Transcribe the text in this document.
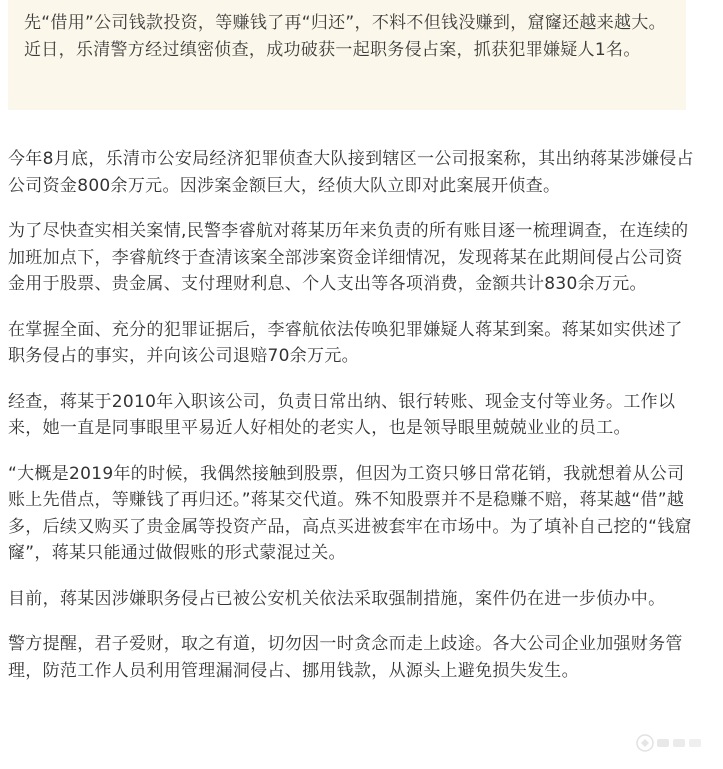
先“借用”公司钱款投资，等赚钱了再“归还”，不料不但钱没赚到，窟窿还越来越大。近日，乐清警方经过缜密侦查，成功破获一起职务侵占案，抓获犯罪嫌疑人1名。

今年8月底，乐清市公安局经济犯罪侦查大队接到辖区一公司报案称，其出纳蒋某涉嫌侵占公司资金800余万元。因涉案金额巨大，经侦大队立即对此案展开侦查。

为了尽快查实相关案情,民警李睿航对蒋某历年来负责的所有账目逐一梳理调查，在连续的加班加点下，李睿航终于查清该案全部涉案资金详细情况，发现蒋某在此期间侵占公司资金用于股票、贵金属、支付理财利息、个人支出等各项消费，金额共计830余万元。

在掌握全面、充分的犯罪证据后，李睿航依法传唤犯罪嫌疑人蒋某到案。蒋某如实供述了职务侵占的事实，并向该公司退赔70余万元。

经查，蒋某于2010年入职该公司，负责日常出纳、银行转账、现金支付等业务。工作以来，她一直是同事眼里平易近人好相处的老实人，也是领导眼里兢兢业业的员工。

“大概是2019年的时候，我偶然接触到股票，但因为工资只够日常花销，我就想着从公司账上先借点，等赚钱了再归还。”蒋某交代道。殊不知股票并不是稳赚不赔，蒋某越“借”越多，后续又购买了贵金属等投资产品，高点买进被套牢在市场中。为了填补自己挖的“钱窟窿”，蒋某只能通过做假账的形式蒙混过关。

目前，蒋某因涉嫌职务侵占已被公安机关依法采取强制措施，案件仍在进一步侦办中。

警方提醒，君子爱财，取之有道，切勿因一时贪念而走上歧途。各大公司企业加强财务管理，防范工作人员利用管理漏洞侵占、挪用钱款，从源头上避免损失发生。
